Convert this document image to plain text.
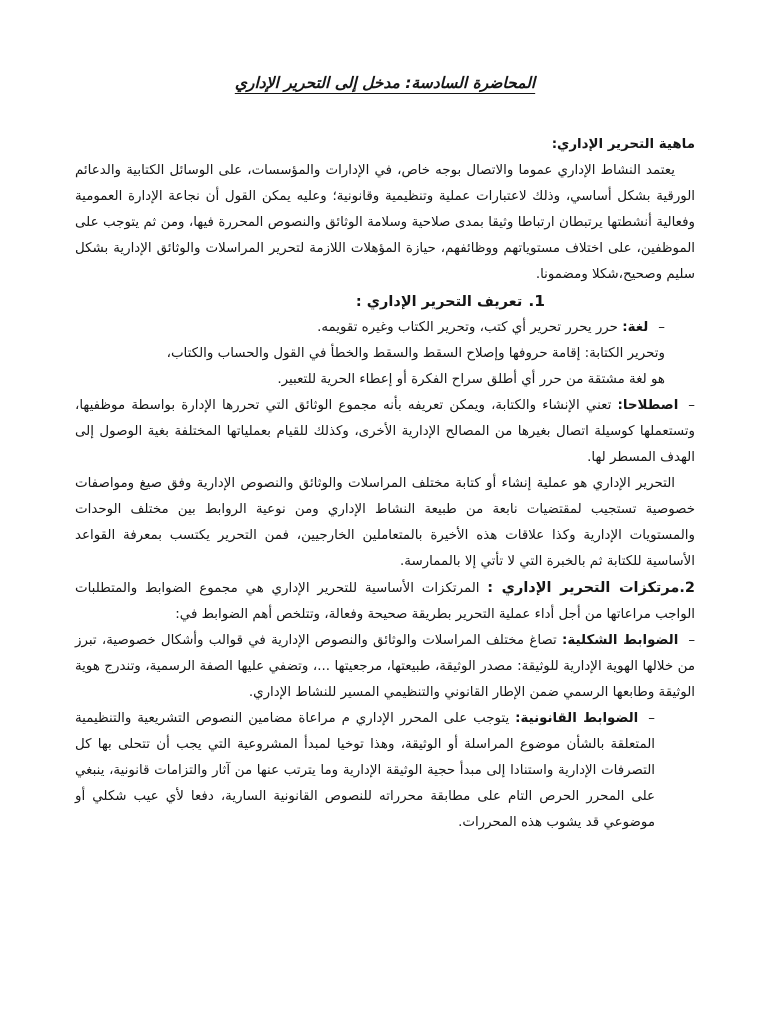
المحاضرة السادسة: مدخل إلى التحرير الإداري

ماهية التحرير الإداري:

يعتمد النشاط الإداري عموما والاتصال بوجه خاص، في الإدارات والمؤسسات، على الوسائل الكتابية والدعائم الورقية بشكل أساسي، وذلك لاعتبارات عملية وتنظيمية وقانونية؛ وعليه يمكن القول أن نجاعة الإدارة العمومية وفعالية أنشطتها يرتبطان ارتباطا وثيقا بمدى صلاحية وسلامة الوثائق والنصوص المحررة فيها، ومن ثم يتوجب على الموظفين، على اختلاف مستوياتهم ووظائفهم، حيازة المؤهلات اللازمة لتحرير المراسلات والوثائق الإدارية بشكل سليم وصحيح،شكلا ومضمونا.

1.تعريف التحرير الإداري :

–لغة: حرر يحرر تحرير أي كتب، وتحرير الكتاب وغيره تقويمه.

وتحرير الكتابة: إقامة حروفها وإصلاح السقط والسقط والخطأ في القول والحساب والكتاب،

هو لغة مشتقة من حرر أي أطلق سراح الفكرة أو إعطاء الحرية للتعبير.

–اصطلاحا: تعني الإنشاء والكتابة، ويمكن تعريفه بأنه مجموع الوثائق التي تحررها الإدارة بواسطة موظفيها، وتستعملها كوسيلة اتصال بغيرها من المصالح الإدارية الأخرى، وكذلك للقيام بعملياتها المختلفة بغية الوصول إلى الهدف المسطر لها.

التحرير الإداري هو عملية إنشاء أو كتابة مختلف المراسلات والوثائق والنصوص الإدارية وفق صيغ ومواصفات خصوصية تستجيب لمقتضيات نابعة من طبيعة النشاط الإداري ومن نوعية الروابط بين مختلف الوحدات والمستويات الإدارية وكذا علاقات هذه الأخيرة بالمتعاملين الخارجيين، فمن التحرير يكتسب بمعرفة القواعد الأساسية للكتابة ثم بالخبرة التي لا تأتي إلا بالممارسة.

2.مرتكزات التحرير الإداري : المرتكزات الأساسية للتحرير الإداري هي مجموع الضوابط والمتطلبات الواجب مراعاتها من أجل أداء عملية التحرير بطريقة صحيحة وفعالة، وتتلخص أهم الضوابط في:

–الضوابط الشكلية: تصاغ مختلف المراسلات والوثائق والنصوص الإدارية في قوالب وأشكال خصوصية، تبرز من خلالها الهوية الإدارية للوثيقة: مصدر الوثيقة، طبيعتها، مرجعيتها ...، وتضفي عليها الصفة الرسمية، وتندرج هوية الوثيقة وطابعها الرسمي ضمن الإطار القانوني والتنظيمي المسير للنشاط الإداري.

–الضوابط القانونية: يتوجب على المحرر الإداري م مراعاة مضامين النصوص التشريعية والتنظيمية المتعلقة بالشأن موضوع المراسلة أو الوثيقة، وهذا توخيا لمبدأ المشروعية التي يجب أن تتحلى بها كل التصرفات الإدارية واستنادا إلى مبدأ حجية الوثيقة الإدارية وما يترتب عنها من آثار والتزامات قانونية، ينبغي على المحرر الحرص التام على مطابقة محرراته للنصوص القانونية السارية، دفعا لأي عيب شكلي أو موضوعي قد يشوب هذه المحررات.
